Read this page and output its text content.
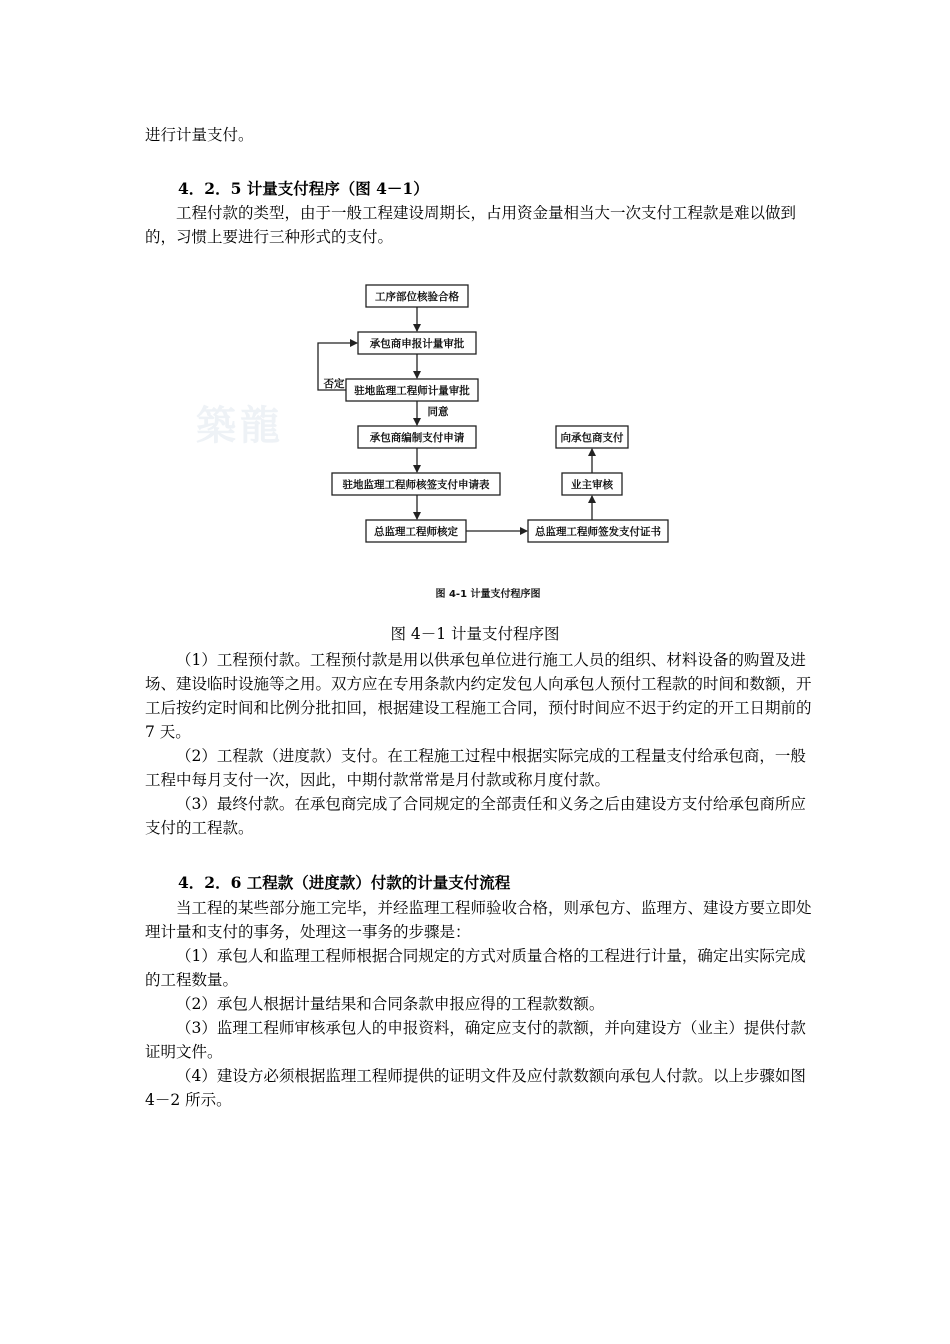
进行计量支付。

4．2．5 计量支付程序（图 4－1）

工程付款的类型，由于一般工程建设周期长，占用资金量相当大一次支付工程款是难以做到的，习惯上要进行三种形式的支付。

築龍
工序部位核验合格
承包商申报计量审批
驻地监理工程师计量审批
承包商编制支付申请
驻地监理工程师核签支付申请表
总监理工程师核定	总监理工程师签发支付证书
业主审核
向承包商支付
否定
同意
图 4-1 计量支付程序图

图 4－1 计量支付程序图

（1）工程预付款。工程预付款是用以供承包单位进行施工人员的组织、材料设备的购置及进场、建设临时设施等之用。双方应在专用条款内约定发包人向承包人预付工程款的时间和数额，开工后按约定时间和比例分批扣回，根据建设工程施工合同，预付时间应不迟于约定的开工日期前的 7 天。

（2）工程款（进度款）支付。在工程施工过程中根据实际完成的工程量支付给承包商，一般工程中每月支付一次，因此，中期付款常常是月付款或称月度付款。

（3）最终付款。在承包商完成了合同规定的全部责任和义务之后由建设方支付给承包商所应支付的工程款。

4．2．6 工程款（进度款）付款的计量支付流程

当工程的某些部分施工完毕，并经监理工程师验收合格，则承包方、监理方、建设方要立即处理计量和支付的事务，处理这一事务的步骤是：

（1）承包人和监理工程师根据合同规定的方式对质量合格的工程进行计量，确定出实际完成的工程数量。

（2）承包人根据计量结果和合同条款申报应得的工程款数额。

（3）监理工程师审核承包人的申报资料，确定应支付的款额，并向建设方（业主）提供付款证明文件。

（4）建设方必须根据监理工程师提供的证明文件及应付款数额向承包人付款。以上步骤如图 4－2 所示。
